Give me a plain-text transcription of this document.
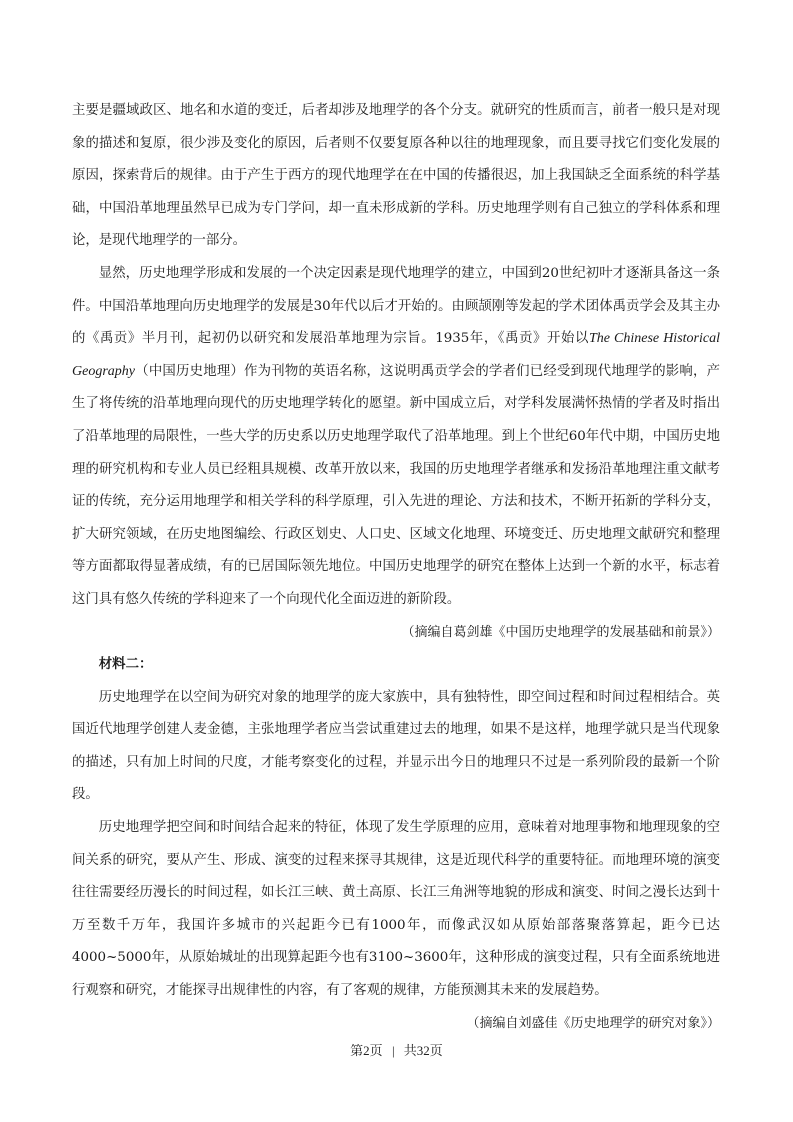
主要是疆域政区、地名和水道的变迁，后者却涉及地理学的各个分支。就研究的性质而言，前者一般只是对现象的描述和复原，很少涉及变化的原因，后者则不仅要复原各种以往的地理现象，而且要寻找它们变化发展的原因，探索背后的规律。由于产生于西方的现代地理学在在中国的传播很迟，加上我国缺乏全面系统的科学基础，中国沿革地理虽然早已成为专门学问，却一直未形成新的学科。历史地理学则有自己独立的学科体系和理论，是现代地理学的一部分。

显然，历史地理学形成和发展的一个决定因素是现代地理学的建立，中国到20世纪初叶才逐渐具备这一条件。中国沿革地理向历史地理学的发展是30年代以后才开始的。由顾颉刚等发起的学术团体禹贡学会及其主办的《禹贡》半月刊，起初仍以研究和发展沿革地理为宗旨。1935年，《禹贡》开始以The Chinese Historical Geography（中国历史地理）作为刊物的英语名称，这说明禹贡学会的学者们已经受到现代地理学的影响，产生了将传统的沿革地理向现代的历史地理学转化的愿望。新中国成立后，对学科发展满怀热情的学者及时指出了沿革地理的局限性，一些大学的历史系以历史地理学取代了沿革地理。到上个世纪60年代中期，中国历史地理的研究机构和专业人员已经粗具规模、改革开放以来，我国的历史地理学者继承和发扬沿革地理注重文献考证的传统，充分运用地理学和相关学科的科学原理，引入先进的理论、方法和技术，不断开拓新的学科分支，扩大研究领域，在历史地图编绘、行政区划史、人口史、区域文化地理、环境变迁、历史地理文献研究和整理等方面都取得显著成绩，有的已居国际领先地位。中国历史地理学的研究在整体上达到一个新的水平，标志着这门具有悠久传统的学科迎来了一个向现代化全面迈进的新阶段。

（摘编自葛剑雄《中国历史地理学的发展基础和前景》）

材料二：

历史地理学在以空间为研究对象的地理学的庞大家族中，具有独特性，即空间过程和时间过程相结合。英国近代地理学创建人麦金德，主张地理学者应当尝试重建过去的地理，如果不是这样，地理学就只是当代现象的描述，只有加上时间的尺度，才能考察变化的过程，并显示出今日的地理只不过是一系列阶段的最新一个阶段。

历史地理学把空间和时间结合起来的特征，体现了发生学原理的应用，意味着对地理事物和地理现象的空间关系的研究，要从产生、形成、演变的过程来探寻其规律，这是近现代科学的重要特征。而地理环境的演变往往需要经历漫长的时间过程，如长江三峡、黄土高原、长江三角洲等地貌的形成和演变、时间之漫长达到十万至数千万年，我国许多城市的兴起距今已有1000年，而像武汉如从原始部落聚落算起，距今已达4000~5000年，从原始城址的出现算起距今也有3100~3600年，这种形成的演变过程，只有全面系统地进行观察和研究，才能探寻出规律性的内容，有了客观的规律，方能预测其未来的发展趋势。

（摘编自刘盛佳《历史地理学的研究对象》）

第2页 | 共32页
